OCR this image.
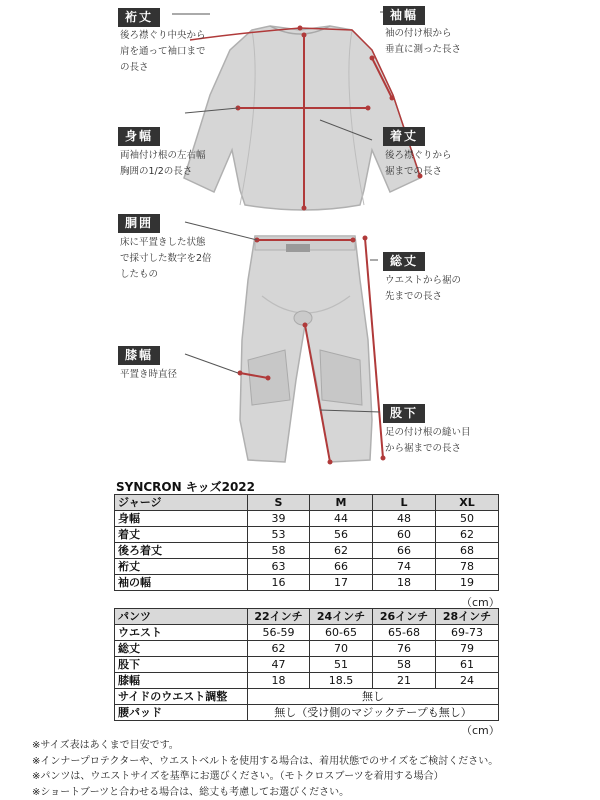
裄丈
後ろ襟ぐり中央から
肩を通って袖口まで
の長さ
袖幅
袖の付け根から
垂直に測った長さ
身幅
両袖付け根の左右幅
胸囲の1/2の長さ
着丈
後ろ襟ぐりから
裾までの長さ
胴囲
床に平置きした状態
で採寸した数字を2倍
したもの
総丈
ウエストから裾の
先までの長さ
膝幅
平置き時直径
股下
足の付け根の縫い目
から裾までの長さ
SYNCRON キッズ2022
ジャージ	S	M	L	XL
身幅	39	44	48	50
着丈	53	56	60	62
後ろ着丈	58	62	66	68
裄丈	63	66	74	78
袖の幅	16	17	18	19
（cm）
パンツ	22インチ	24インチ	26インチ	28インチ
ウエスト	56-59	60-65	65-68	69-73
総丈	62	70	76	79
股下	47	51	58	61
膝幅	18	18.5	21	24
サイドのウエスト調整	無し			
腰パッド	無し（受け側のマジックテープも無し）			
（cm）
※サイズ表はあくまで目安です。
※インナープロテクターや、ウエストベルトを使用する場合は、着用状態でのサイズをご検討ください。
※パンツは、ウエストサイズを基準にお選びください。（モトクロスブーツを着用する場合）
※ショートブーツと合わせる場合は、総丈も考慮してお選びください。
